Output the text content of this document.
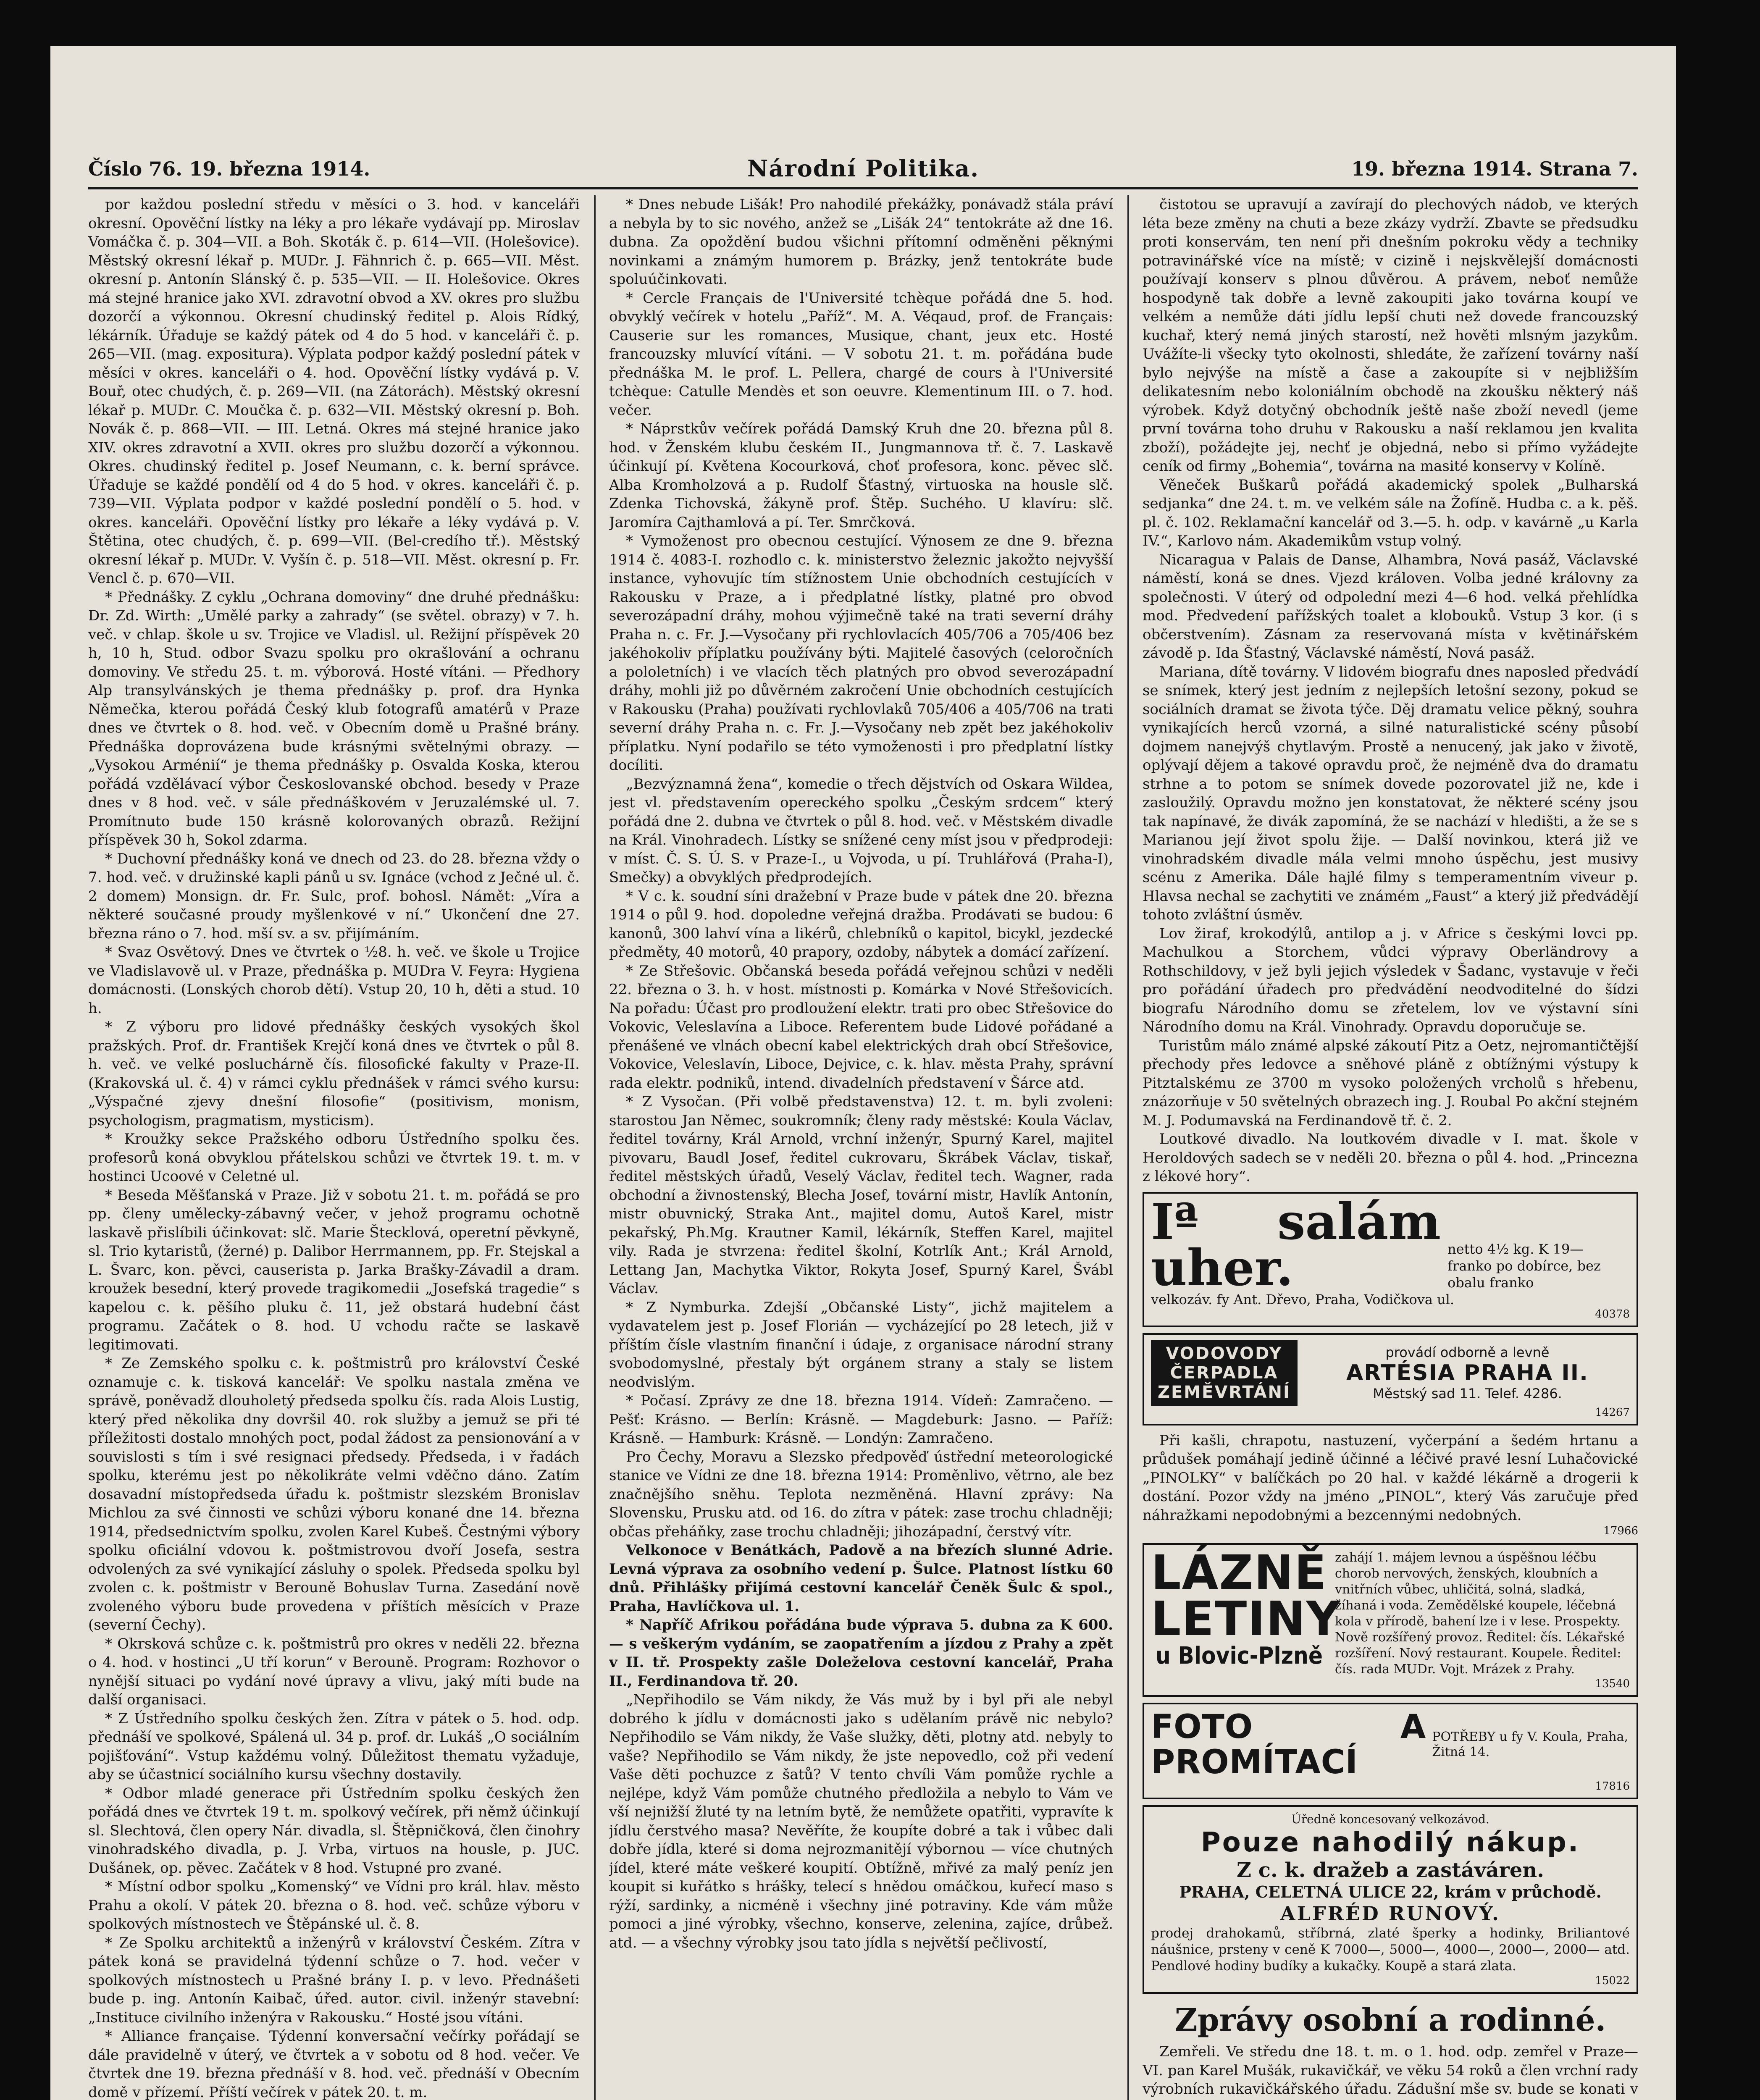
Číslo 76. 19. března 1914.	Národní Politika.	19. března 1914. Strana 7.

por každou poslední středu v měsíci o 3. hod. v kanceláři okresní. Opověční lístky na léky a pro lékaře vydávají pp. Miroslav Vomáčka č. p. 304—VII. a Boh. Skoták č. p. 614—VII. (Holešovice). Městský okresní lékař p. MUDr. J. Fähnrich č. p. 665—VII. Měst. okresní p. Antonín Slánský č. p. 535—VII. — II. Holešovice. Okres má stejné hranice jako XVI. zdravotní obvod a XV. okres pro službu dozorčí a výkonnou. Okresní chudinský ředitel p. Alois Rídký, lékárník. Úřaduje se každý pátek od 4 do 5 hod. v kanceláři č. p. 265—VII. (mag. expositura). Výplata podpor každý poslední pátek v měsíci v okres. kanceláři o 4. hod. Opověční lístky vydává p. V. Bouř, otec chudých, č. p. 269—VII. (na Zátorách). Městský okresní lékař p. MUDr. C. Moučka č. p. 632—VII. Městský okresní p. Boh. Novák č. p. 868—VII. — III. Letná. Okres má stejné hranice jako XIV. okres zdravotní a XVII. okres pro službu dozorčí a výkonnou. Okres. chudinský ředitel p. Josef Neumann, c. k. berní správce. Úřaduje se každé pondělí od 4 do 5 hod. v okres. kanceláři č. p. 739—VII. Výplata podpor v každé poslední pondělí o 5. hod. v okres. kanceláři. Opověční lístky pro lékaře a léky vydává p. V. Štětina, otec chudých, č. p. 699—VII. (Bel-credího tř.). Městský okresní lékař p. MUDr. V. Vyšín č. p. 518—VII. Měst. okresní p. Fr. Vencl č. p. 670—VII.

* Přednášky. Z cyklu „Ochrana domoviny“ dne druhé přednášku: Dr. Zd. Wirth: „Umělé parky a zahrady“ (se světel. obrazy) v 7. h. več. v chlap. škole u sv. Trojice ve Vladisl. ul. Režijní příspěvek 20 h, 10 h, Stud. odbor Svazu spolku pro okrašlování a ochranu domoviny. Ve středu 25. t. m. výborová. Hosté vítáni. — Předhory Alp transylvánských je thema přednášky p. prof. dra Hynka Němečka, kterou pořádá Český klub fotografů amatérů v Praze dnes ve čtvrtek o 8. hod. več. v Obecním domě u Prašné brány. Přednáška doprovázena bude krásnými světelnými obrazy. — „Vysokou Arménií“ je thema přednášky p. Osvalda Koska, kterou pořádá vzdělávací výbor Českoslovanské obchod. besedy v Praze dnes v 8 hod. več. v sále přednáškovém v Jeruzalémské ul. 7. Promítnuto bude 150 krásně kolorovaných obrazů. Režijní příspěvek 30 h, Sokol zdarma.

* Duchovní přednášky koná ve dnech od 23. do 28. března vždy o 7. hod. več. v družinské kapli pánů u sv. Ignáce (vchod z Ječné ul. č. 2 domem) Monsign. dr. Fr. Sulc, prof. bohosl. Námět: „Víra a některé současné proudy myšlenkové v ní.“ Ukončení dne 27. března ráno o 7. hod. mší sv. a sv. přijímáním.

* Svaz Osvětový. Dnes ve čtvrtek o ½8. h. več. ve škole u Trojice ve Vladislavově ul. v Praze, přednáška p. MUDra V. Feyra: Hygiena domácnosti. (Lonských chorob dětí). Vstup 20, 10 h, děti a stud. 10 h.

* Z výboru pro lidové přednášky českých vysokých škol pražských. Prof. dr. František Krejčí koná dnes ve čtvrtek o půl 8. h. več. ve velké posluchárně čís. filosofické fakulty v Praze-II. (Krakovská ul. č. 4) v rámci cyklu přednášek v rámci svého kursu: „Výspačné zjevy dnešní filosofie“ (positivism, monism, psychologism, pragmatism, mysticism).

* Kroužky sekce Pražského odboru Ústředního spolku čes. profesorů koná obvyklou přátelskou schůzi ve čtvrtek 19. t. m. v hostinci Ucoové v Celetné ul.

* Beseda Měšťanská v Praze. Již v sobotu 21. t. m. pořádá se pro pp. členy umělecky-zábavný večer, v jehož programu ochotně laskavě přislíbili účinkovat: slč. Marie Štecklová, operetní pěvkyně, sl. Trio kytaristů, (žerné) p. Dalibor Herrmannem, pp. Fr. Stejskal a L. Švarc, kon. pěvci, causerista p. Jarka Brašky-Závadil a dram. kroužek besední, který provede tragikomedii „Josefská tragedie“ s kapelou c. k. pěšího pluku č. 11, jež obstará hudební část programu. Začátek o 8. hod. U vchodu račte se laskavě legitimovati.

* Ze Zemského spolku c. k. poštmistrů pro království České oznamuje c. k. tisková kancelář: Ve spolku nastala změna ve správě, poněvadž dlouholetý předseda spolku čís. rada Alois Lustig, který před několika dny dovršil 40. rok služby a jemuž se při té příležitosti dostalo mnohých poct, podal žádost za pensionování a v souvislosti s tím i své resignaci předsedy. Předseda, i v řadách spolku, kterému jest po několikráte velmi vděčno dáno. Zatím dosavadní místopředseda úřadu k. poštmistr slezském Bronislav Michlou za své činnosti ve schůzi výboru konané dne 14. března 1914, předsednictvím spolku, zvolen Karel Kubeš. Čestnými výbory spolku oficiální vdovou k. poštmistrovou dvoří Josefa, sestra odvolených za své vynikající zásluhy o spolek. Předseda spolku byl zvolen c. k. poštmistr v Berouně Bohuslav Turna. Zasedání nově zvoleného výboru bude provedena v příštích měsících v Praze (severní Čechy).

* Okrsková schůze c. k. poštmistrů pro okres v neděli 22. března o 4. hod. v hostinci „U tří korun“ v Berouně. Program: Rozhovor o nynější situaci po vydání nové úpravy a vlivu, jaký míti bude na další organisaci.

* Z Ústředního spolku českých žen. Zítra v pátek o 5. hod. odp. přednáší ve spolkové, Spálená ul. 34 p. prof. dr. Lukáš „O sociálním pojišťování“. Vstup každému volný. Důležitost thematu vyžaduje, aby se účastnicí sociálního kursu všechny dostavily.

* Odbor mladé generace při Ústředním spolku českých žen pořádá dnes ve čtvrtek 19 t. m. spolkový večírek, při němž účinkují sl. Slechtová, člen opery Nár. divadla, sl. Štěpničková, člen činohry vinohradského divadla, p. J. Vrba, virtuos na housle, p. JUC. Dušánek, op. pěvec. Začátek v 8 hod. Vstupné pro zvané.

* Místní odbor spolku „Komenský“ ve Vídni pro král. hlav. město Prahu a okolí. V pátek 20. března o 8. hod. več. schůze výboru v spolkových místnostech ve Štěpánské ul. č. 8.

* Ze Spolku architektů a inženýrů v království Českém. Zítra v pátek koná se pravidelná týdenní schůze o 7. hod. večer v spolkových místnostech u Prašné brány I. p. v levo. Přednášeti bude p. ing. Antonín Kaibač, úřed. autor. civil. inženýr stavební: „Instituce civilního inženýra v Rakousku.“ Hosté jsou vítáni.

* Alliance française. Týdenní konversační večírky pořádají se dále pravidelně v úterý, ve čtvrtek a v sobotu od 8 hod. večer. Ve čtvrtek dne 19. března přednáší v 8. hod. več. přednáší v Obecním domě v přízemí. Příští večírek v pátek 20. t. m.

* Dnes nebude Lišák! Pro nahodilé překážky, ponávadž stála práví a nebyla by to sic nového, anžež se „Lišák 24“ tentokráte až dne 16. dubna. Za opoždění budou všichni přítomní odměněni pěknými novinkami a známým humorem p. Brázky, jenž tentokráte bude spoluúčinkovati.

* Cercle Français de l'Université tchèque pořádá dne 5. hod. obvyklý večírek v hotelu „Paříž“. M. A. Véqaud, prof. de Français: Causerie sur les romances, Musique, chant, jeux etc. Hosté francouzsky mluvící vítáni. — V sobotu 21. t. m. pořádána bude přednáška M. le prof. L. Pellera, chargé de cours à l'Université tchèque: Catulle Mendès et son oeuvre. Klementinum III. o 7. hod. večer.

* Náprstkův večírek pořádá Damský Kruh dne 20. března půl 8. hod. v Ženském klubu českém II., Jungmannova tř. č. 7. Laskavě účinkují pí. Květena Kocourková, choť profesora, konc. pěvec slč. Alba Kromholzová a p. Rudolf Šťastný, virtuoska na housle slč. Zdenka Tichovská, žákyně prof. Štěp. Suchého. U klavíru: slč. Jaromíra Cajthamlová a pí. Ter. Smrčková.

* Vymoženost pro obecnou cestující. Výnosem ze dne 9. března 1914 č. 4083-I. rozhodlo c. k. ministerstvo železnic jakožto nejvyšší instance, vyhovujíc tím stížnostem Unie obchodních cestujících v Rakousku v Praze, a i předplatné lístky, platné pro obvod severozápadní dráhy, mohou výjimečně také na trati severní dráhy Praha n. c. Fr. J.—Vysočany při rychlovlacích 405/706 a 705/406 bez jakéhokoliv příplatku používány býti. Majitelé časových (celoročních a pololetních) i ve vlacích těch platných pro obvod severozápadní dráhy, mohli již po důvěrném zakročení Unie obchodních cestujících v Rakousku (Praha) používati rychlovlaků 705/406 a 405/706 na trati severní dráhy Praha n. c. Fr. J.—Vysočany neb zpět bez jakéhokoliv příplatku. Nyní podařilo se této vymoženosti i pro předplatní lístky docíliti.

„Bezvýznamná žena“, komedie o třech dějstvích od Oskara Wildea, jest vl. představením opereckého spolku „Českým srdcem“ který pořádá dne 2. dubna ve čtvrtek o půl 8. hod. več. v Městském divadle na Král. Vinohradech. Lístky se snížené ceny míst jsou v předprodeji: v míst. Č. S. Ú. S. v Praze-I., u Vojvoda, u pí. Truhlářová (Praha-I), Smečky) a obvyklých předprodejích.

* V c. k. soudní síni dražební v Praze bude v pátek dne 20. března 1914 o půl 9. hod. dopoledne veřejná dražba. Prodávati se budou: 6 kanonů, 300 lahví vína a likérů, chlebníků o kapitol, bicykl, jezdecké předměty, 40 motorů, 40 prapory, ozdoby, nábytek a domácí zařízení.

* Ze Střešovic. Občanská beseda pořádá veřejnou schůzi v neděli 22. března o 3. h. v host. místnosti p. Komárka v Nové Střešovicích. Na pořadu: Účast pro prodloužení elektr. trati pro obec Střešovice do Vokovic, Veleslavína a Liboce. Referentem bude Lidové pořádané a přenášené ve vlnách obecní kabel elektrických drah obcí Střešovice, Vokovice, Veleslavín, Liboce, Dejvice, c. k. hlav. města Prahy, správní rada elektr. podniků, intend. divadelních představení v Šárce atd.

* Z Vysočan. (Při volbě představenstva) 12. t. m. byli zvoleni: starostou Jan Němec, soukromník; členy rady městské: Koula Václav, ředitel továrny, Král Arnold, vrchní inženýr, Spurný Karel, majitel pivovaru, Baudl Josef, ředitel cukrovaru, Škrábek Václav, tiskař, ředitel městských úřadů, Veselý Václav, ředitel tech. Wagner, rada obchodní a živnostenský, Blecha Josef, tovární mistr, Havlík Antonín, mistr obuvnický, Straka Ant., majitel domu, Autoš Karel, mistr pekařský, Ph.Mg. Krautner Kamil, lékárník, Steffen Karel, majitel vily. Rada je stvrzena: ředitel školní, Kotrlík Ant.; Král Arnold, Lettang Jan, Machytka Viktor, Rokyta Josef, Spurný Karel, Švábl Václav.

* Z Nymburka. Zdejší „Občanské Listy“, jichž majitelem a vydavatelem jest p. Josef Florián — vycházející po 28 letech, již v příštím čísle vlastním finanční i údaje, z organisace národní strany svobodomyslné, přestaly být orgánem strany a staly se listem neodvislým.

* Počasí. Zprávy ze dne 18. března 1914. Vídeň: Zamračeno. — Pešť: Krásno. — Berlín: Krásně. — Magdeburk: Jasno. — Paříž: Krásně. — Hamburk: Krásně. — Londýn: Zamračeno.

Pro Čechy, Moravu a Slezsko předpověď ústřední meteorologické stanice ve Vídni ze dne 18. března 1914: Proměnlivo, větrno, ale bez značnějšího sněhu. Teplota nezměněná. Hlavní zprávy: Na Slovensku, Prusku atd. od 16. do zítra v pátek: zase trochu chladněji; občas přeháňky, zase trochu chladněji; jihozápadní, čerstvý vítr.

Velkonoce v Benátkách, Padově a na březích slunné Adrie. Levná výprava za osobního vedení p. Šulce. Platnost lístku 60 dnů. Přihlášky přijímá cestovní kancelář Čeněk Šulc & spol., Praha, Havlíčkova ul. 1.

* Napříč Afrikou pořádána bude výprava 5. dubna za K 600.— s veškerým vydáním, se zaopatřením a jízdou z Prahy a zpět v II. tř. Prospekty zašle Doleželova cestovní kancelář, Praha II., Ferdinandova tř. 20.

„Nepřihodilo se Vám nikdy, že Vás muž by i byl při ale nebyl dobrého k jídlu v domácnosti jako s udělaním právě nic nebylo? Nepřihodilo se Vám nikdy, že Vaše služky, děti, plotny atd. nebyly to vaše? Nepřihodilo se Vám nikdy, že jste nepovedlo, což při vedení Vaše děti pochuzce z šatů? V tento chvíli Vám pomůže rychle a nejlépe, když Vám pomůže chutného předložila a nebylo to Vám ve vší nejnižší žluté ty na letním bytě, že nemůžete opatřiti, vypravíte k jídlu čerstvého masa? Nevěříte, že koupíte dobré a tak i vůbec dali dobře jídla, které si doma nejrozmanitějí výbornou — více chutných jídel, které máte veškeré koupití. Obtížně, mřivé za malý peníz jen koupit si kuřátko s hrášky, telecí s hnědou omáčkou, kuřecí maso s rýží, sardinky, a nicméně i všechny jiné potraviny. Kde vám může pomoci a jiné výrobky, všechno, konserve, zelenina, zajíce, drůbež. atd. — a všechny výrobky jsou tato jídla s největší pečlivostí,

čistotou se upravují a zavírají do plechových nádob, ve kterých léta beze změny na chuti a beze zkázy vydrží. Zbavte se předsudku proti konservám, ten není při dnešním pokroku vědy a techniky potravinářské více na místě; v cizině i nejskvělejší domácnosti používají konserv s plnou důvěrou. A právem, neboť nemůže hospodyně tak dobře a levně zakoupiti jako továrna koupí ve velkém a nemůže dáti jídlu lepší chuti než dovede francouzský kuchař, který nemá jiných starostí, než hověti mlsným jazykům. Uvážíte-li všecky tyto okolnosti, shledáte, že zařízení továrny naší bylo nejvýše na místě a čase a zakoupíte si v nejbližším delikatesním nebo koloniálním obchodě na zkoušku některý náš výrobek. Když dotyčný obchodník ještě naše zboží nevedl (jeme první továrna toho druhu v Rakousku a naší reklamou jen kvalita zboží), požádejte jej, nechť je objedná, nebo si přímo vyžádejte ceník od firmy „Bohemia“, továrna na masité konservy v Kolíně.

Věneček Buškarů pořádá akademický spolek „Bulharská sedjanka“ dne 24. t. m. ve velkém sále na Žofíně. Hudba c. a k. pěš. pl. č. 102. Reklamační kancelář od 3.—5. h. odp. v kavárně „u Karla IV.“, Karlovo nám. Akademikům vstup volný.

Nicaragua v Palais de Danse, Alhambra, Nová pasáž, Václavské náměstí, koná se dnes. Vjezd královen. Volba jedné královny za společnosti. V úterý od odpolední mezi 4—6 hod. velká přehlídka mod. Předvedení pařížských toalet a klobouků. Vstup 3 kor. (i s občerstvením). Zásnam za reservovaná místa v květinářském závodě p. Ida Šťastný, Václavské náměstí, Nová pasáž.

Mariana, dítě továrny. V lidovém biografu dnes naposled předvádí se snímek, který jest jedním z nejlepších letošní sezony, pokud se sociálních dramat se života týče. Děj dramatu velice pěkný, souhra vynikajících herců vzorná, a silné naturalistické scény působí dojmem nanejvýš chytlavým. Prostě a nenucený, jak jako v životě, oplývají dějem a takové opravdu proč, že nejméně dva do dramatu strhne a to potom se snímek dovede pozorovatel již ne, kde i zasloužilý. Opravdu možno jen konstatovat, že některé scény jsou tak napínavé, že divák zapomíná, že se nachází v hledišti, a že se s Marianou její život spolu žije. — Další novinkou, která již ve vinohradském divadle mála velmi mnoho úspěchu, jest musivy scénu z Amerika. Dále hajlé filmy s temperamentním viveur p. Hlavsa nechal se zachytiti ve známém „Faust“ a který již předvádějí tohoto zvláštní úsměv.

Lov žiraf, krokodýlů, antilop a j. v Africe s českými lovci pp. Machulkou a Storchem, vůdci výpravy Oberländrovy a Rothschildovy, v jež byli jejich výsledek v Šadanc, vystavuje v řeči pro pořádání úřadech pro předvádění neodvoditelné do šídzi biografu Národního domu se zřetelem, lov ve výstavní síni Národního domu na Král. Vinohrady. Opravdu doporučuje se.

Turistům málo známé alpské zákoutí Pitz a Oetz, nejromantičtější přechody přes ledovce a sněhové pláně z obtížnými výstupy k Pitztalskému ze 3700 m vysoko položených vrcholů s hřebenu, znázorňuje v 50 světelných obrazech ing. J. Roubal Po akční stejném M. J. Podumavská na Ferdinandově tř. č. 2.

Loutkové divadlo. Na loutkovém divadle v I. mat. škole v Heroldových sadech se v neděli 20. března o půl 4. hod. „Princezna z lékové hory“.

Iª salám uher.	netto 4½ kg. K 19—
franko po dobírce, bez obalu franko
velkozáv. fy Ant. Dřevo, Praha, Vodičkova ul.
40378
VODOVODY
ČERPADLA
ZEMĚVRTÁNÍ
provádí odborně a levně
ARTÉSIA PRAHA II.
Městský sad 11. Telef. 4286.
14267

Při kašli, chrapotu, nastuzení, vyčerpání a šedém hrtanu a průdušek pomáhají jedině účinné a léčivé pravé lesní Luhačovické „PINOLKY“ v balíčkách po 20 hal. v každé lékárně a drogerii k dostání. Pozor vždy na jméno „PINOL“, který Vás zaručuje před náhražkami nepodobnými a bezcennými nedobných.

17966
LÁZNĚ
LETINY
u Blovic-Plzně
zahájí 1. májem levnou a úspěšnou léčbu chorob nervových, ženských, kloubních a vnitřních vůbec, uhličitá, solná, sladká, žíhaná i voda. Zemědělské koupele, léčebná kola v přírodě, bahení lze i v lese. Prospekty. Nově rozšířený provoz. Ředitel: čís. Lékařské rozšíření. Nový restaurant. Koupele. Ředitel: čís. rada MUDr. Vojt. Mrázek z Prahy.
13540
FOTO A PROMÍTACÍ
POTŘEBY u fy V. Koula, Praha, Žitná 14.
17816
Úředně koncesovaný velkozávod.
Pouze nahodilý nákup.
Z c. k. dražeb a zastáváren.
PRAHA, CELETNÁ ULICE 22, krám v průchodě.
ALFRÉD RUNOVÝ.
prodej drahokamů, stříbrná, zlaté šperky a hodinky, Briliantové náušnice, prsteny v ceně K 7000—, 5000—, 4000—, 2000—, 2000— atd. Pendlové hodiny budíky a kukačky. Koupě a stará zlata.
15022
Zprávy osobní a rodinné.

Zemřeli. Ve středu dne 18. t. m. o 1. hod. odp. zemřel v Praze—VI. pan Karel Mušák, rukavičkář, ve věku 54 roků a člen vrchní rady výrobních rukavičkářského úřadu. Zádušní mše sv. bude se konati v
